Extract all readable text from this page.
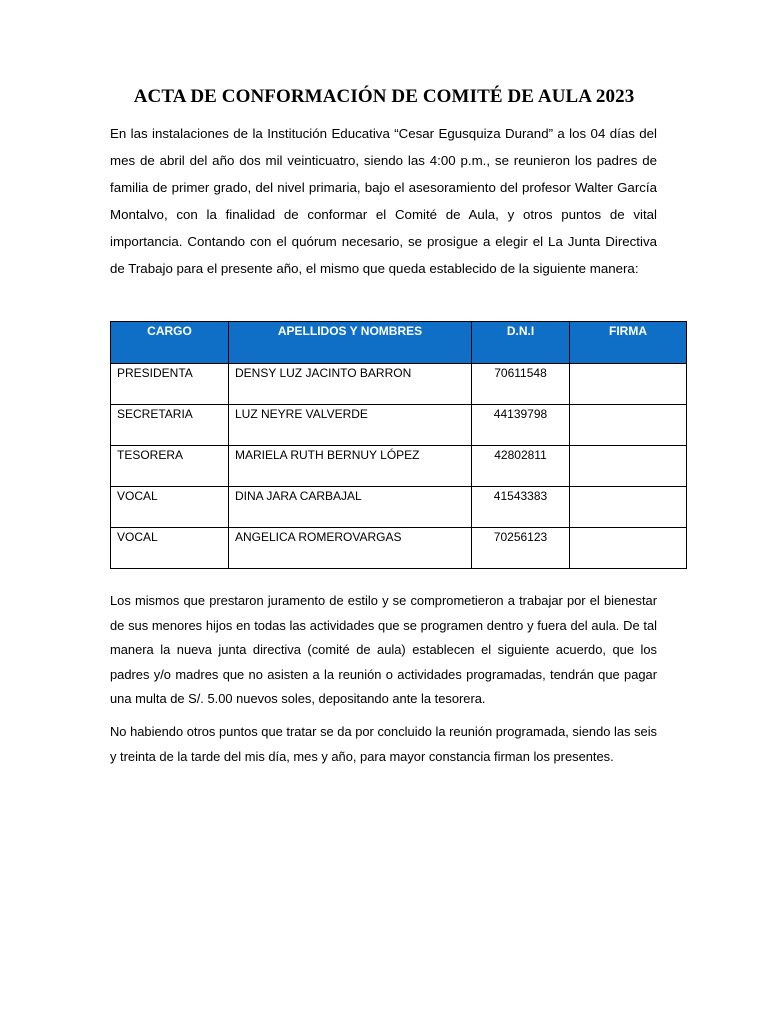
ACTA DE CONFORMACIÓN DE COMITÉ DE AULA 2023

En las instalaciones de la Institución Educativa “Cesar Egusquiza Durand” a los 04 días del mes de abril del año dos mil veinticuatro, siendo las 4:00 p.m., se reunieron los padres de familia de primer grado, del nivel primaria, bajo el asesoramiento del profesor Walter García Montalvo, con la finalidad de conformar el Comité de Aula, y otros puntos de vital importancia. Contando con el quórum necesario, se prosigue a elegir el La Junta Directiva de Trabajo para el presente año, el mismo que queda establecido de la siguiente manera:

CARGO	APELLIDOS Y NOMBRES	D.N.I	FIRMA
PRESIDENTA	DENSY LUZ JACINTO BARRON	70611548	
SECRETARIA	LUZ NEYRE VALVERDE	44139798	
TESORERA	MARIELA RUTH BERNUY LÓPEZ	42802811	
VOCAL	DINA JARA CARBAJAL	41543383	
VOCAL	ANGELICA ROMEROVARGAS	70256123	

Los mismos que prestaron juramento de estilo y se comprometieron a trabajar por el bienestar de sus menores hijos en todas las actividades que se programen dentro y fuera del aula. De tal manera la nueva junta directiva (comité de aula) establecen el siguiente acuerdo, que los padres y/o madres que no asisten a la reunión o actividades programadas, tendrán que pagar una multa de S/. 5.00 nuevos soles, depositando ante la tesorera.

No habiendo otros puntos que tratar se da por concluido la reunión programada, siendo las seis y treinta de la tarde del mis día, mes y año, para mayor constancia firman los presentes.
